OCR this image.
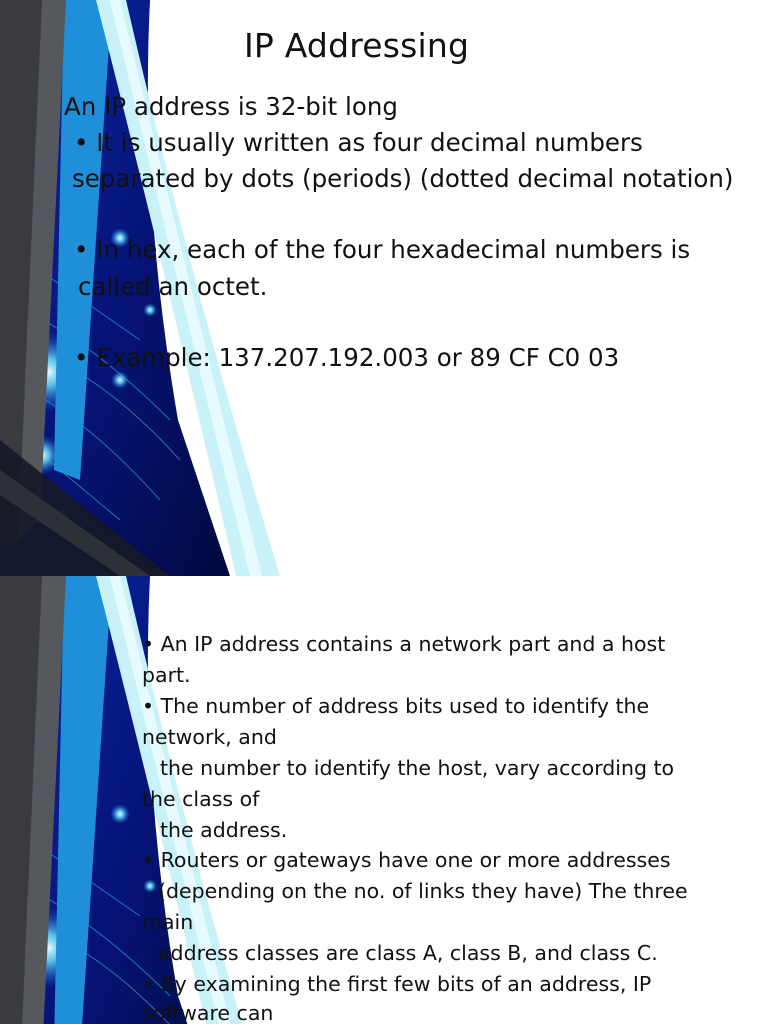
IP Addressing
An IP address is 32-bit long
• It is usually written as four decimal numbers
separated by dots (periods) (dotted decimal notation)
• In hex, each of the four hexadecimal numbers is
called an octet.
• Example: 137.207.192.003 or 89 CF C0 03
• An IP address contains a network part and a host
part.
• The number of address bits used to identify the
network, and
the number to identify the host, vary according to
the class of
the address.
• Routers or gateways have one or more addresses
(depending on the no. of links they have) The three
main
address classes are class A, class B, and class C.
• By examining the first few bits of an address, IP
software can
